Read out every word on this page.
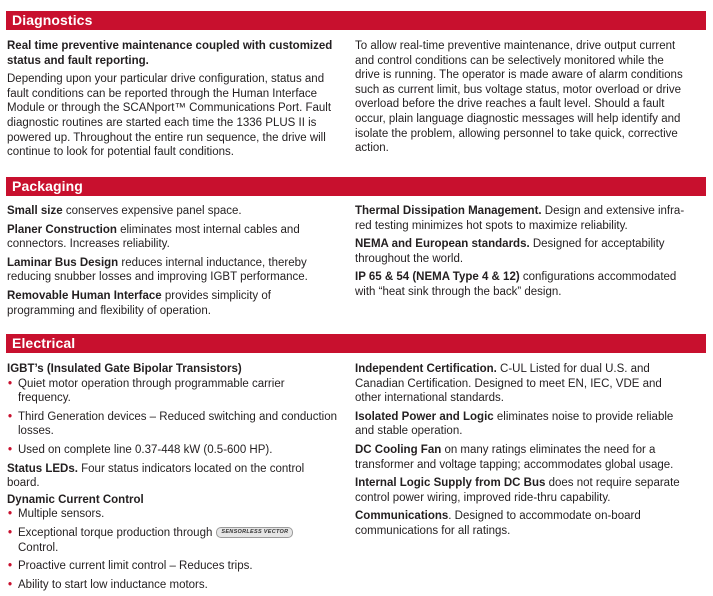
Diagnostics

Real time preventive maintenance coupled with customized status and fault reporting.

Depending upon your particular drive configuration, status and fault conditions can be reported through the Human Interface Module or through the SCANport™ Communications Port. Fault diagnostic routines are started each time the 1336 PLUS II is powered up. Throughout the entire run sequence, the drive will continue to look for potential fault conditions.

To allow real-time preventive maintenance, drive output current and control conditions can be selectively monitored while the drive is running. The operator is made aware of alarm conditions such as current limit, bus voltage status, motor overload or drive overload before the drive reaches a fault level. Should a fault occur, plain language diagnostic messages will help identify and isolate the problem, allowing personnel to take quick, corrective action.

Packaging

Small size conserves expensive panel space.

Planer Construction eliminates most internal cables and connectors. Increases reliability.

Laminar Bus Design reduces internal inductance, thereby reducing snubber losses and improving IGBT performance.

Removable Human Interface provides simplicity of programming and flexibility of operation.

Thermal Dissipation Management. Design and extensive infra-red testing minimizes hot spots to maximize reliability.

NEMA and European standards. Designed for acceptability throughout the world.

IP 65 & 54 (NEMA Type 4 & 12) configurations accommodated with “heat sink through the back” design.

Electrical

IGBT’s (Insulated Gate Bipolar Transistors)

• Quiet motor operation through programmable carrier frequency.
• Third Generation devices – Reduced switching and conduction losses.
• Used on complete line 0.37-448 kW (0.5-600 HP).

Status LEDs. Four status indicators located on the control board.

Dynamic Current Control

• Multiple sensors.
• Exceptional torque production through SENSORLESS VECTORControl.
• Proactive current limit control – Reduces trips.
• Ability to start low inductance motors.

Independent Certification. C-UL Listed for dual U.S. and Canadian Certification. Designed to meet EN, IEC, VDE and other international standards.

Isolated Power and Logic eliminates noise to provide reliable and stable operation.

DC Cooling Fan on many ratings eliminates the need for a transformer and voltage tapping; accommodates global usage.

Internal Logic Supply from DC Bus does not require separate control power wiring, improved ride-thru capability.

Communications. Designed to accommodate on-board communications for all ratings.
